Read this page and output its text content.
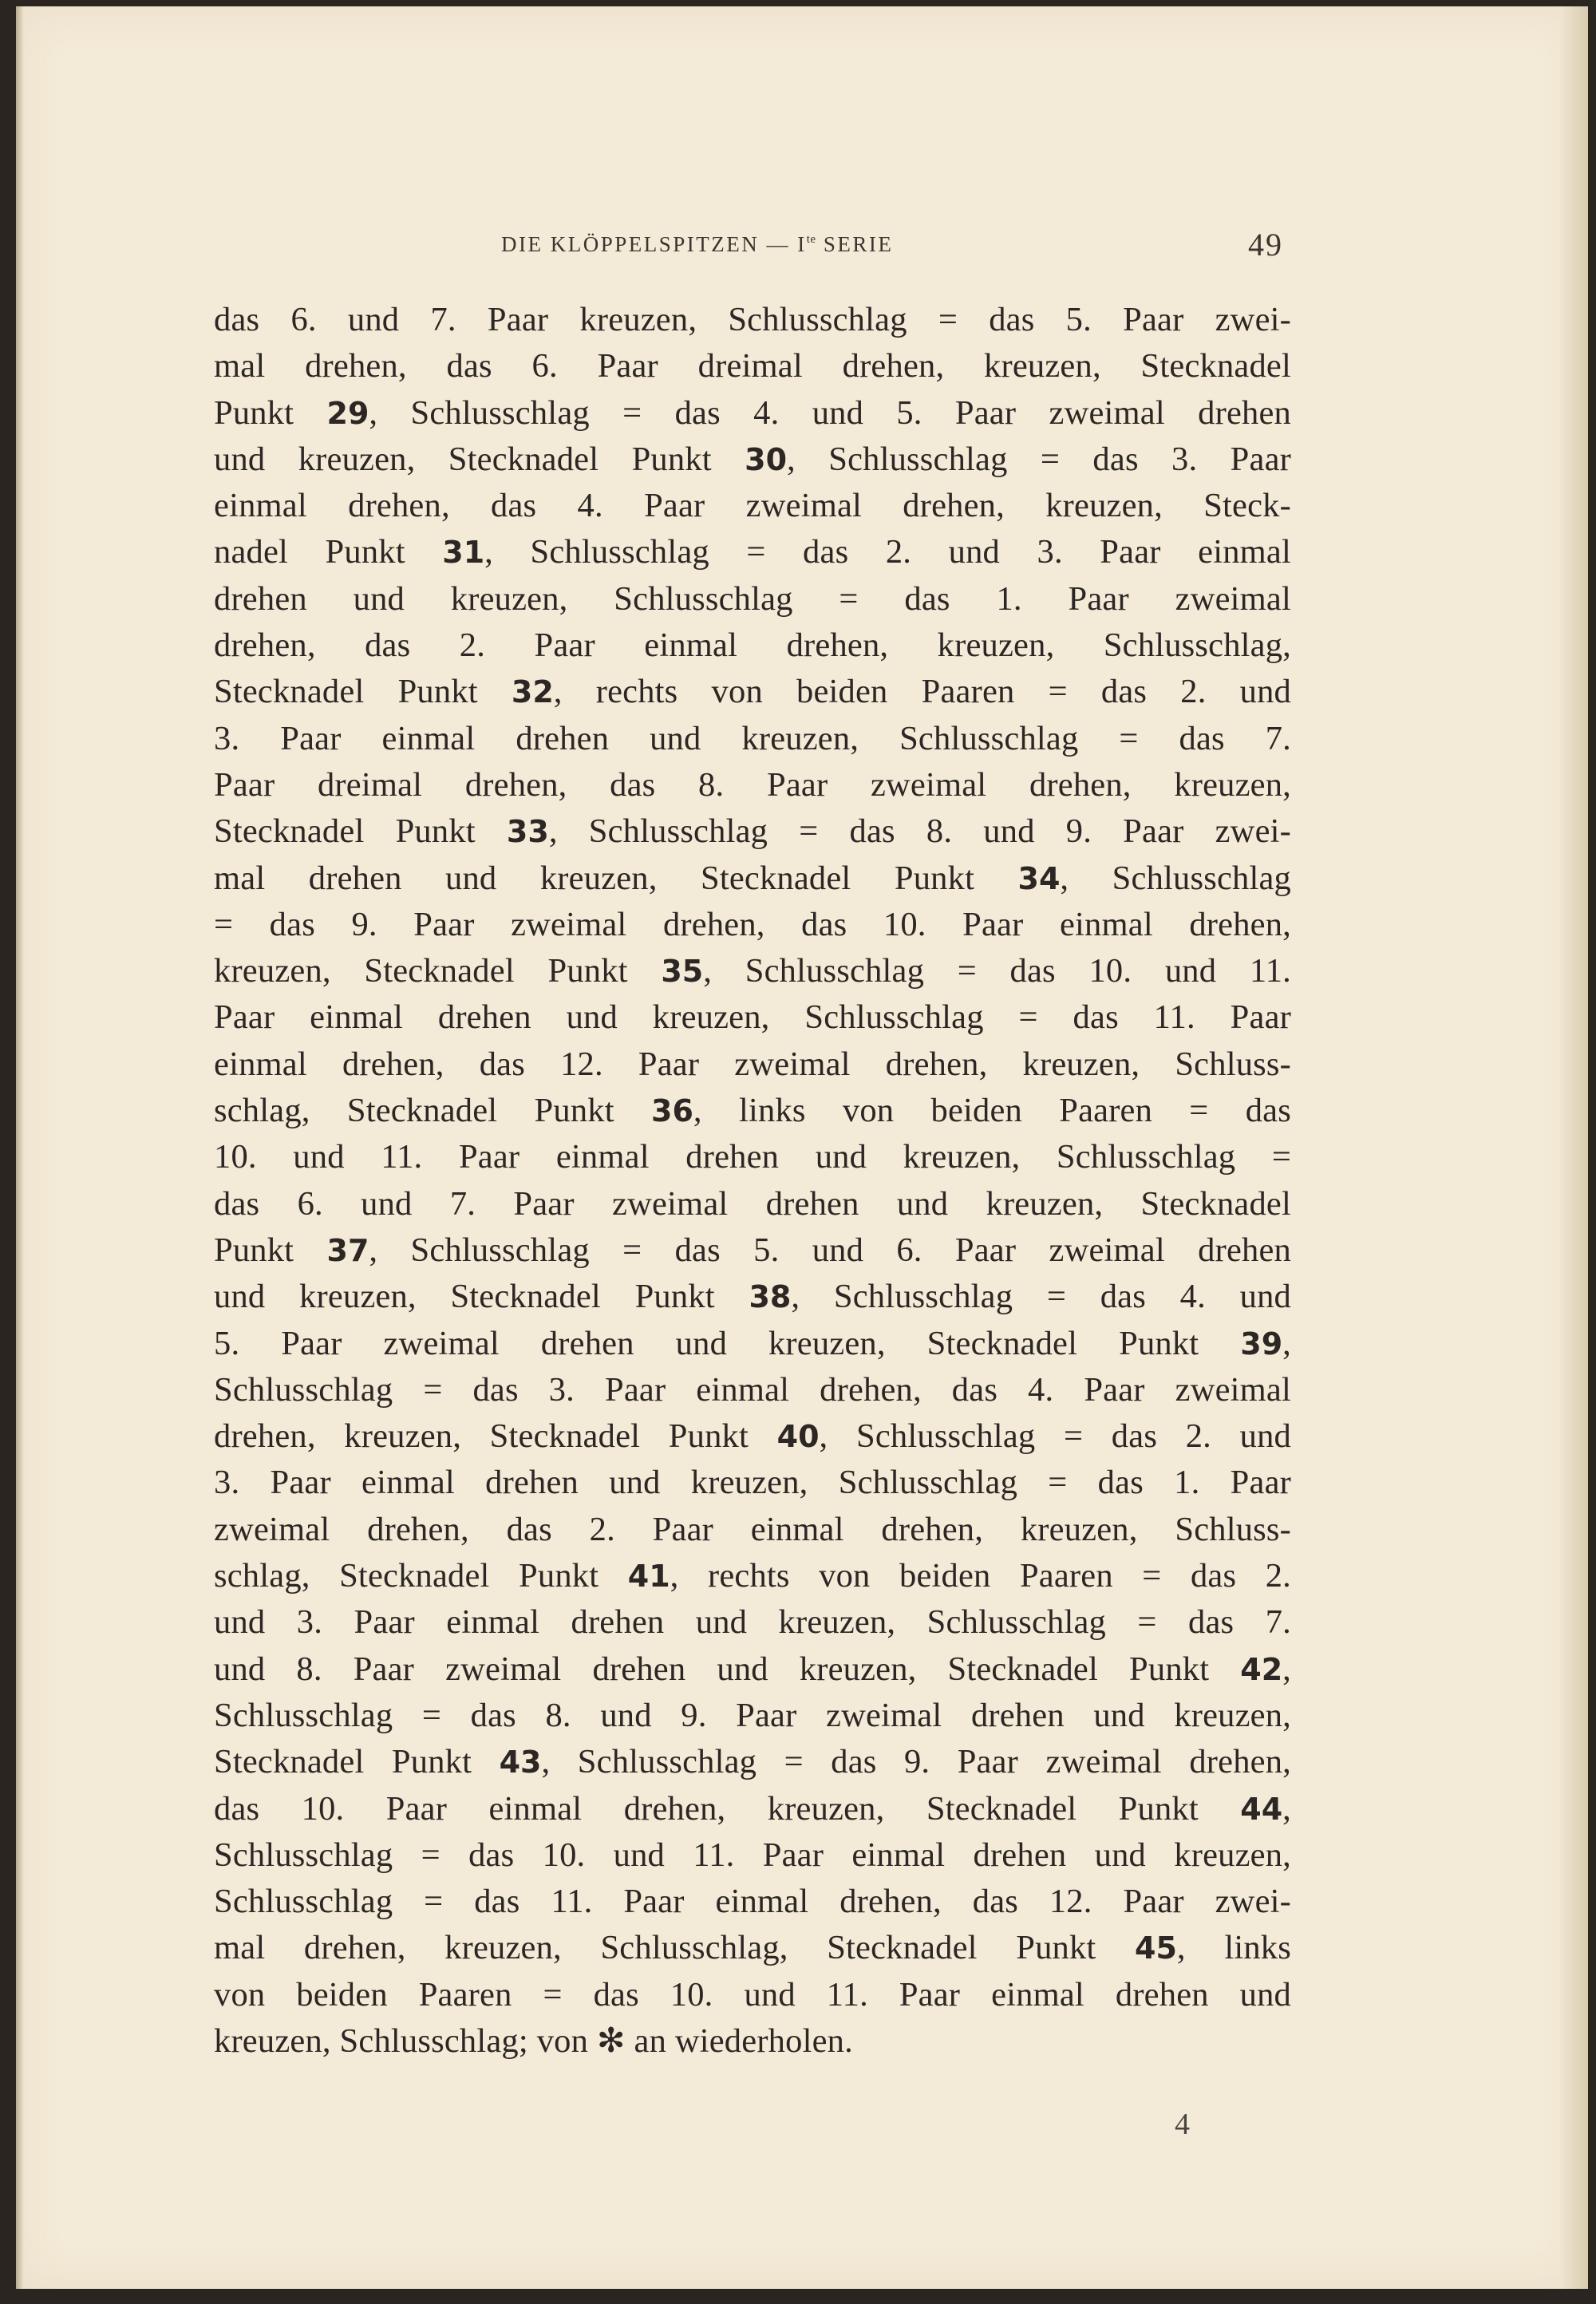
DIE KLÖPPELSPITZEN — $I^{te}$ SERIE	49
das 6. und 7. Paar kreuzen, Schlusschlag = das 5. Paar zwei-
mal drehen, das 6. Paar dreimal drehen, kreuzen, Stecknadel
Punkt 29, Schlusschlag = das 4. und 5. Paar zweimal drehen
und kreuzen, Stecknadel Punkt 30, Schlusschlag = das 3. Paar
einmal drehen, das 4. Paar zweimal drehen, kreuzen, Steck-
nadel Punkt 31, Schlusschlag = das 2. und 3. Paar einmal
drehen und kreuzen, Schlusschlag = das 1. Paar zweimal
drehen, das 2. Paar einmal drehen, kreuzen, Schlusschlag,
Stecknadel Punkt 32, rechts von beiden Paaren = das 2. und
3. Paar einmal drehen und kreuzen, Schlusschlag = das 7.
Paar dreimal drehen, das 8. Paar zweimal drehen, kreuzen,
Stecknadel Punkt 33, Schlusschlag = das 8. und 9. Paar zwei-
mal drehen und kreuzen, Stecknadel Punkt 34, Schlusschlag
= das 9. Paar zweimal drehen, das 10. Paar einmal drehen,
kreuzen, Stecknadel Punkt 35, Schlusschlag = das 10. und 11.
Paar einmal drehen und kreuzen, Schlusschlag = das 11. Paar
einmal drehen, das 12. Paar zweimal drehen, kreuzen, Schluss-
schlag, Stecknadel Punkt 36, links von beiden Paaren = das
10. und 11. Paar einmal drehen und kreuzen, Schlusschlag =
das 6. und 7. Paar zweimal drehen und kreuzen, Stecknadel
Punkt 37, Schlusschlag = das 5. und 6. Paar zweimal drehen
und kreuzen, Stecknadel Punkt 38, Schlusschlag = das 4. und
5. Paar zweimal drehen und kreuzen, Stecknadel Punkt 39,
Schlusschlag = das 3. Paar einmal drehen, das 4. Paar zweimal
drehen, kreuzen, Stecknadel Punkt 40, Schlusschlag = das 2. und
3. Paar einmal drehen und kreuzen, Schlusschlag = das 1. Paar
zweimal drehen, das 2. Paar einmal drehen, kreuzen, Schluss-
schlag, Stecknadel Punkt 41, rechts von beiden Paaren = das 2.
und 3. Paar einmal drehen und kreuzen, Schlusschlag = das 7.
und 8. Paar zweimal drehen und kreuzen, Stecknadel Punkt 42,
Schlusschlag = das 8. und 9. Paar zweimal drehen und kreuzen,
Stecknadel Punkt 43, Schlusschlag = das 9. Paar zweimal drehen,
das 10. Paar einmal drehen, kreuzen, Stecknadel Punkt 44,
Schlusschlag = das 10. und 11. Paar einmal drehen und kreuzen,
Schlusschlag = das 11. Paar einmal drehen, das 12. Paar zwei-
mal drehen, kreuzen, Schlusschlag, Stecknadel Punkt 45, links
von beiden Paaren = das 10. und 11. Paar einmal drehen und
kreuzen, Schlusschlag; von ✻ an wiederholen.
4
